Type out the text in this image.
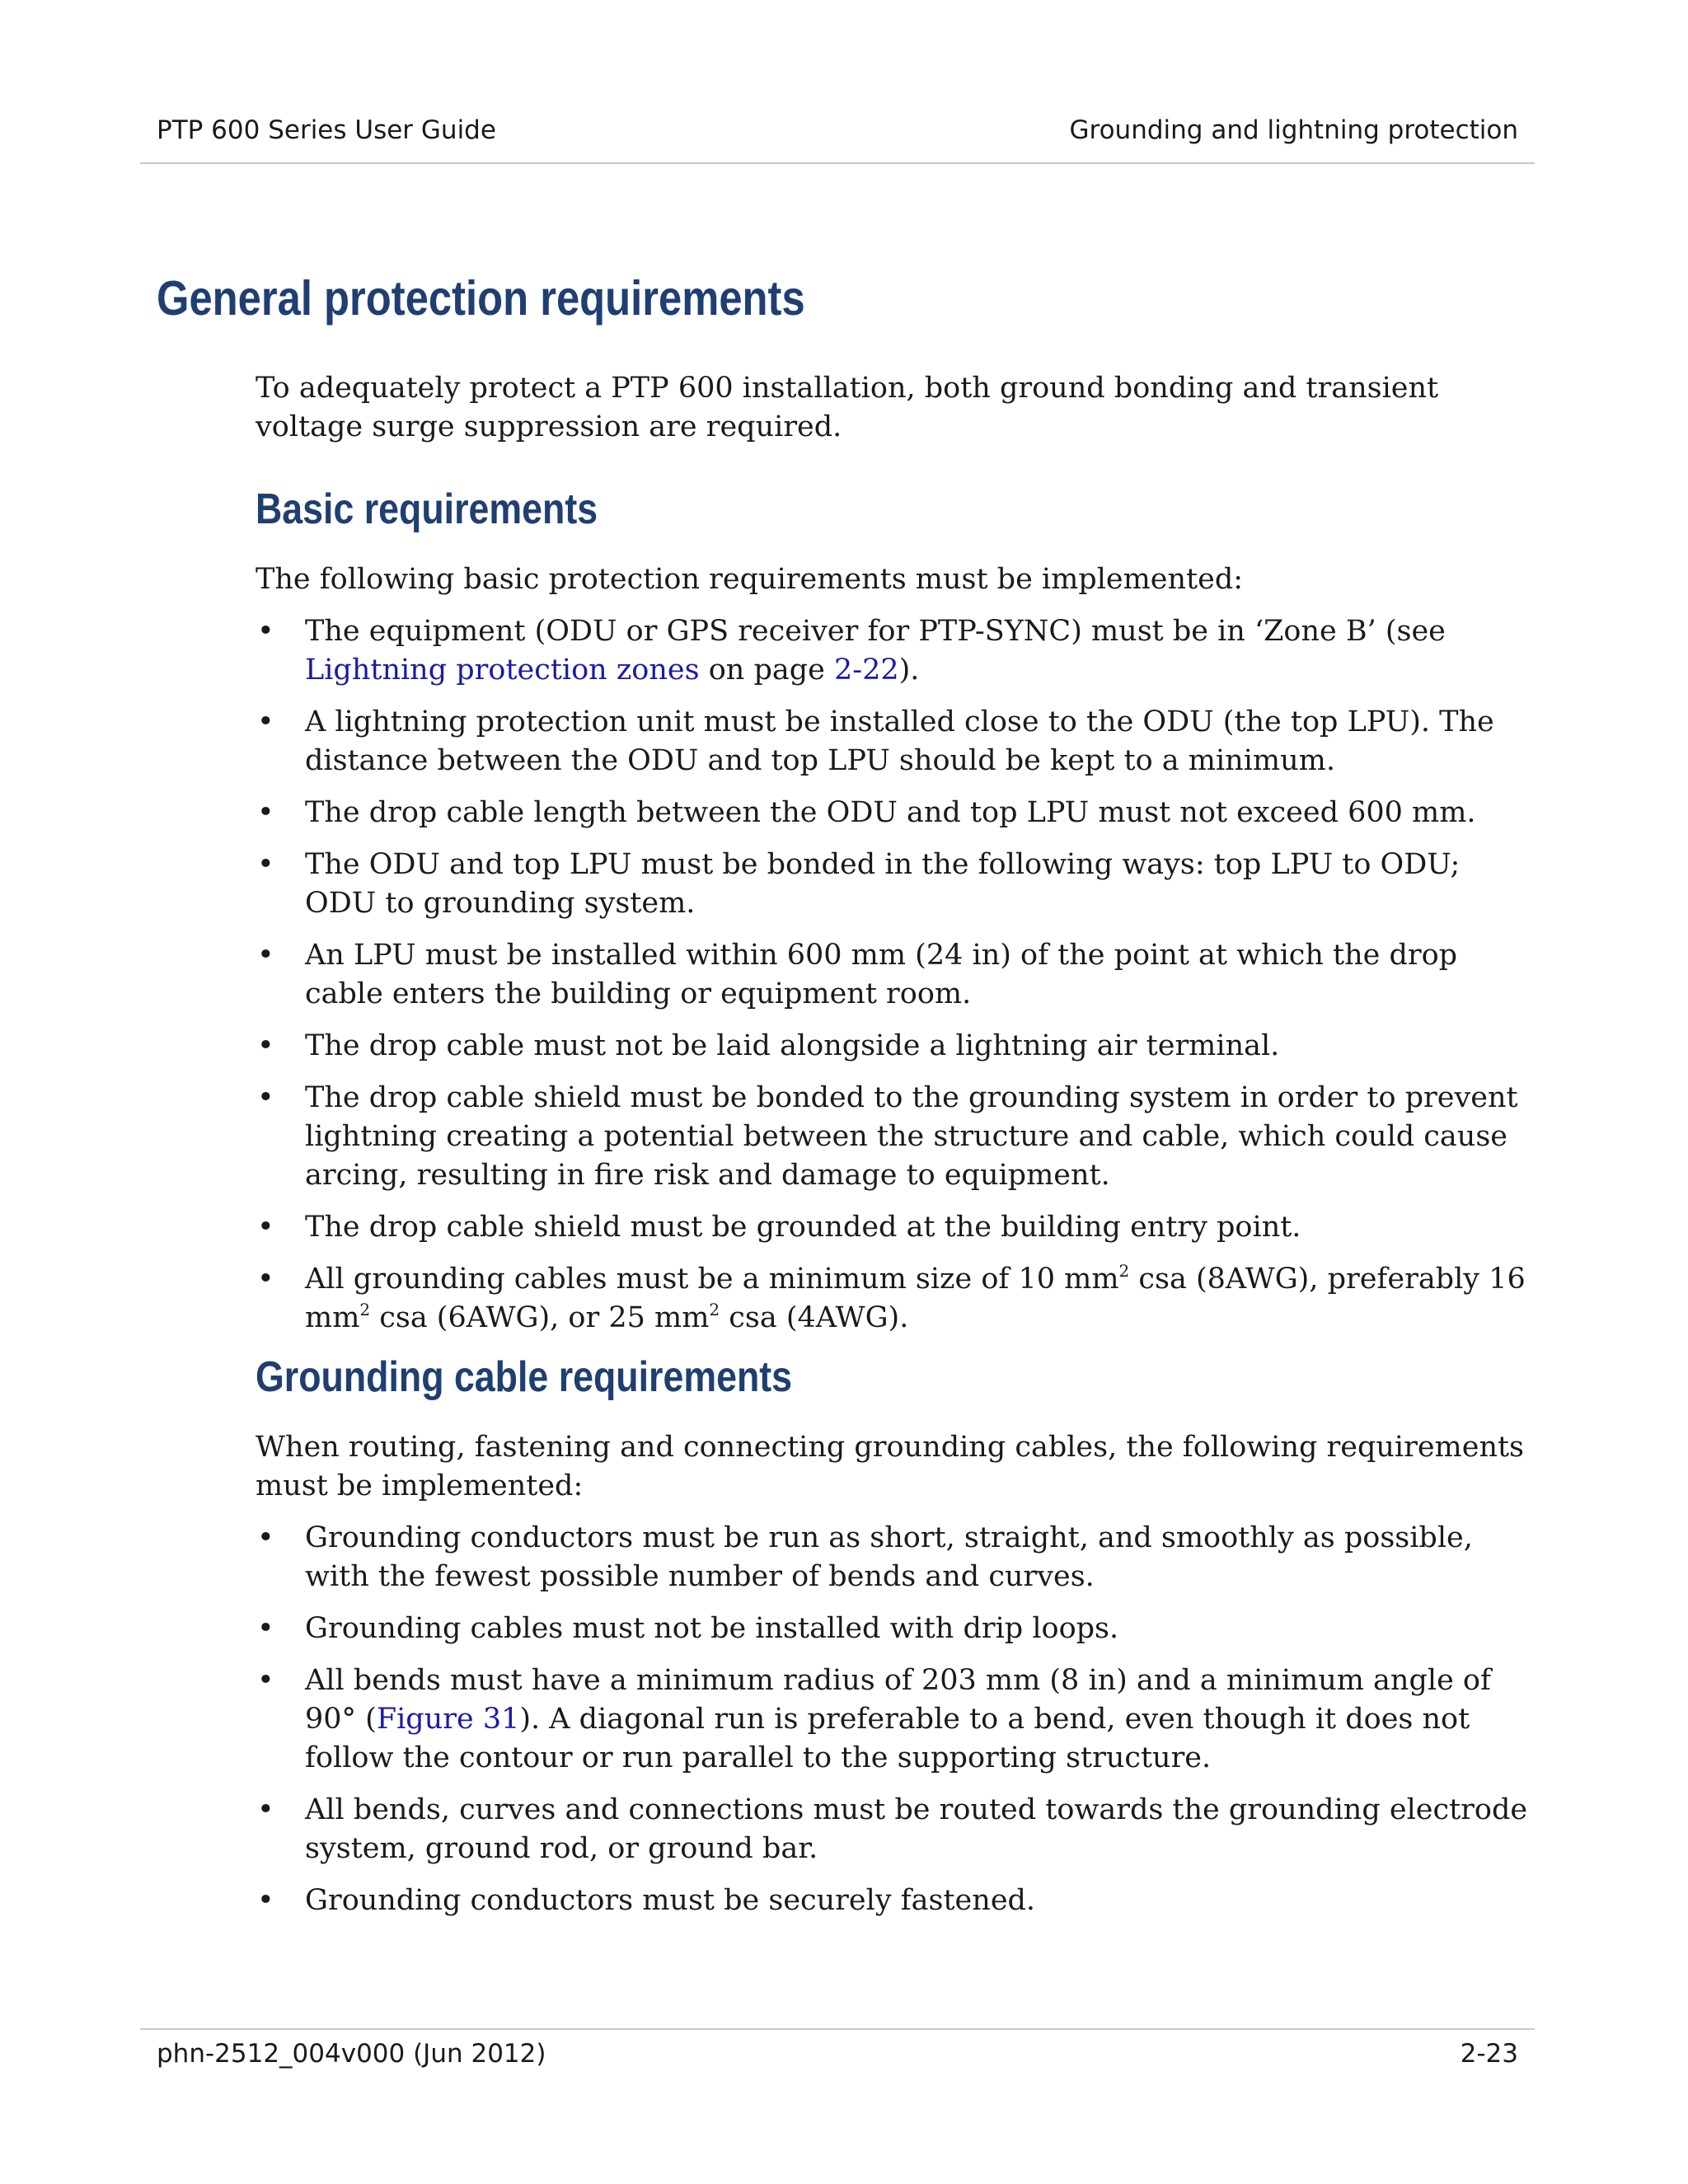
PTP 600 Series User Guide	Grounding and lightning protection
General protection requirements

To adequately protect a PTP 600 installation, both ground bonding and transient voltage surge suppression are required.

Basic requirements

The following basic protection requirements must be implemented:

• The equipment (ODU or GPS receiver for PTP-SYNC) must be in ‘Zone B’ (see Lightning protection zones on page 2-22).
• A lightning protection unit must be installed close to the ODU (the top LPU). The distance between the ODU and top LPU should be kept to a minimum.
• The drop cable length between the ODU and top LPU must not exceed 600 mm.
• The ODU and top LPU must be bonded in the following ways: top LPU to ODU; ODU to grounding system.
• An LPU must be installed within 600 mm (24 in) of the point at which the drop cable enters the building or equipment room.
• The drop cable must not be laid alongside a lightning air terminal.
• The drop cable shield must be bonded to the grounding system in order to prevent lightning creating a potential between the structure and cable, which could cause arcing, resulting in fire risk and damage to equipment.
• The drop cable shield must be grounded at the building entry point.
• All grounding cables must be a minimum size of 10 $mm^2$ csa (8AWG), preferably 16 $mm^2$ csa (6AWG), or 25 $mm^2$ csa (4AWG).
Grounding cable requirements

When routing, fastening and connecting grounding cables, the following requirements must be implemented:

• Grounding conductors must be run as short, straight, and smoothly as possible, with the fewest possible number of bends and curves.
• Grounding cables must not be installed with drip loops.
• All bends must have a minimum radius of 203 mm (8 in) and a minimum angle of 90° (Figure 31). A diagonal run is preferable to a bend, even though it does not follow the contour or run parallel to the supporting structure.
• All bends, curves and connections must be routed towards the grounding electrode system, ground rod, or ground bar.
• Grounding conductors must be securely fastened.
phn-2512_004v000 (Jun 2012)	2-23
